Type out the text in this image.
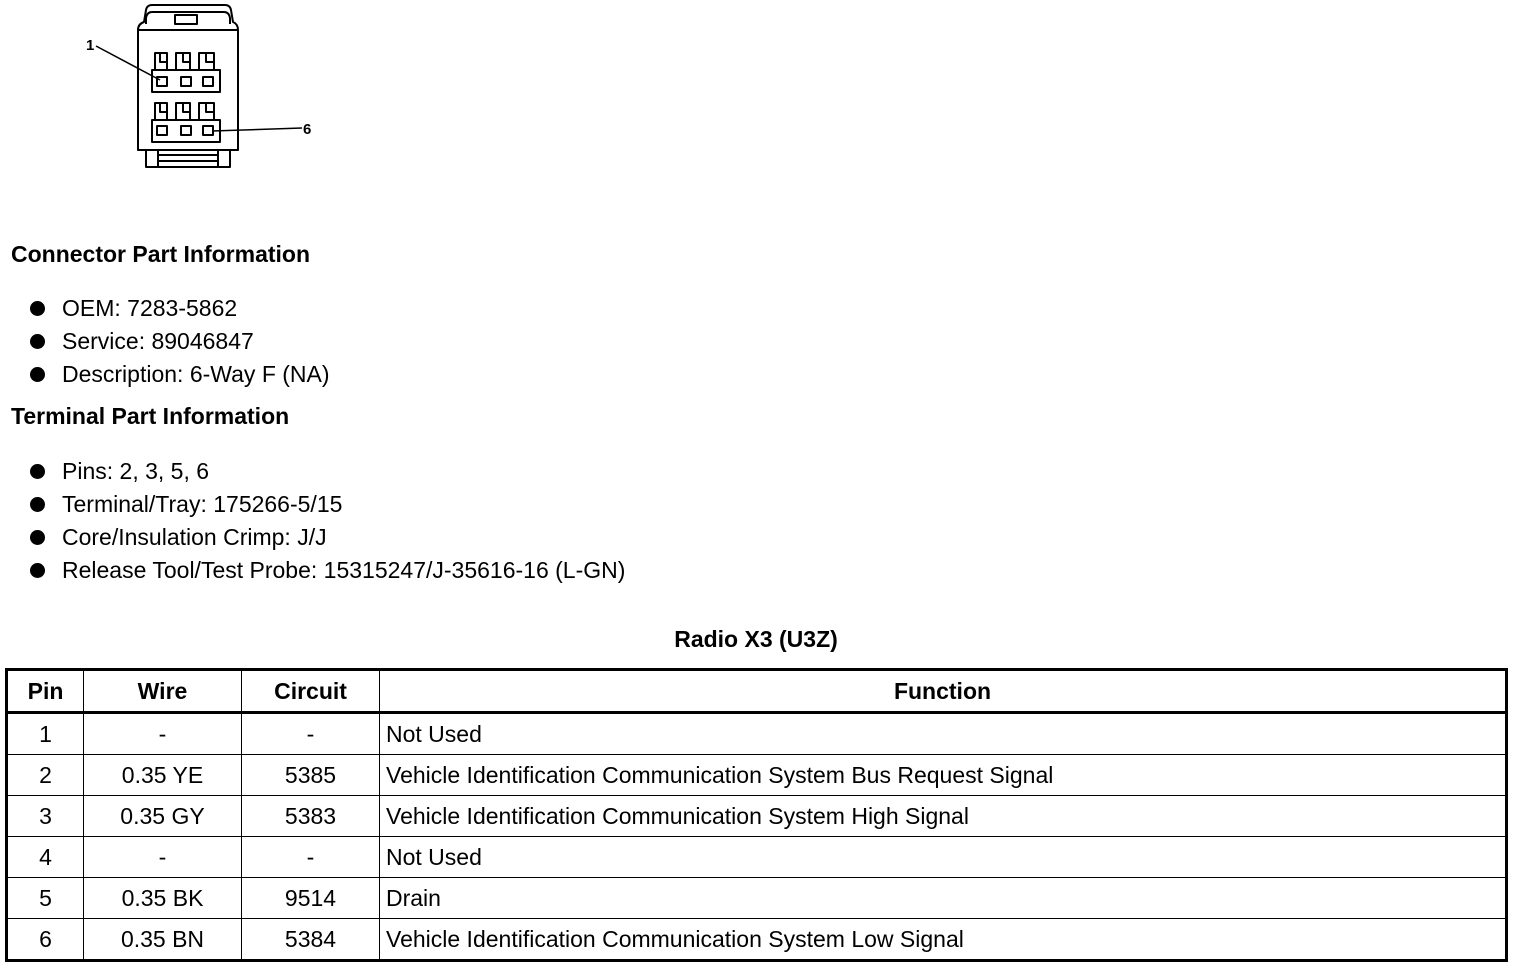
1
6
Connector Part Information
OEM: 7283-5862
Service: 89046847
Description: 6-Way F (NA)
Terminal Part Information
Pins: 2, 3, 5, 6
Terminal/Tray: 175266-5/15
Core/Insulation Crimp: J/J
Release Tool/Test Probe: 15315247/J-35616-16 (L-GN)
Radio X3 (U3Z)
Pin	Wire	Circuit	Function
1	-	-	Not Used
2	0.35 YE	5385	Vehicle Identification Communication System Bus Request Signal
3	0.35 GY	5383	Vehicle Identification Communication System High Signal
4	-	-	Not Used
5	0.35 BK	9514	Drain
6	0.35 BN	5384	Vehicle Identification Communication System Low Signal
